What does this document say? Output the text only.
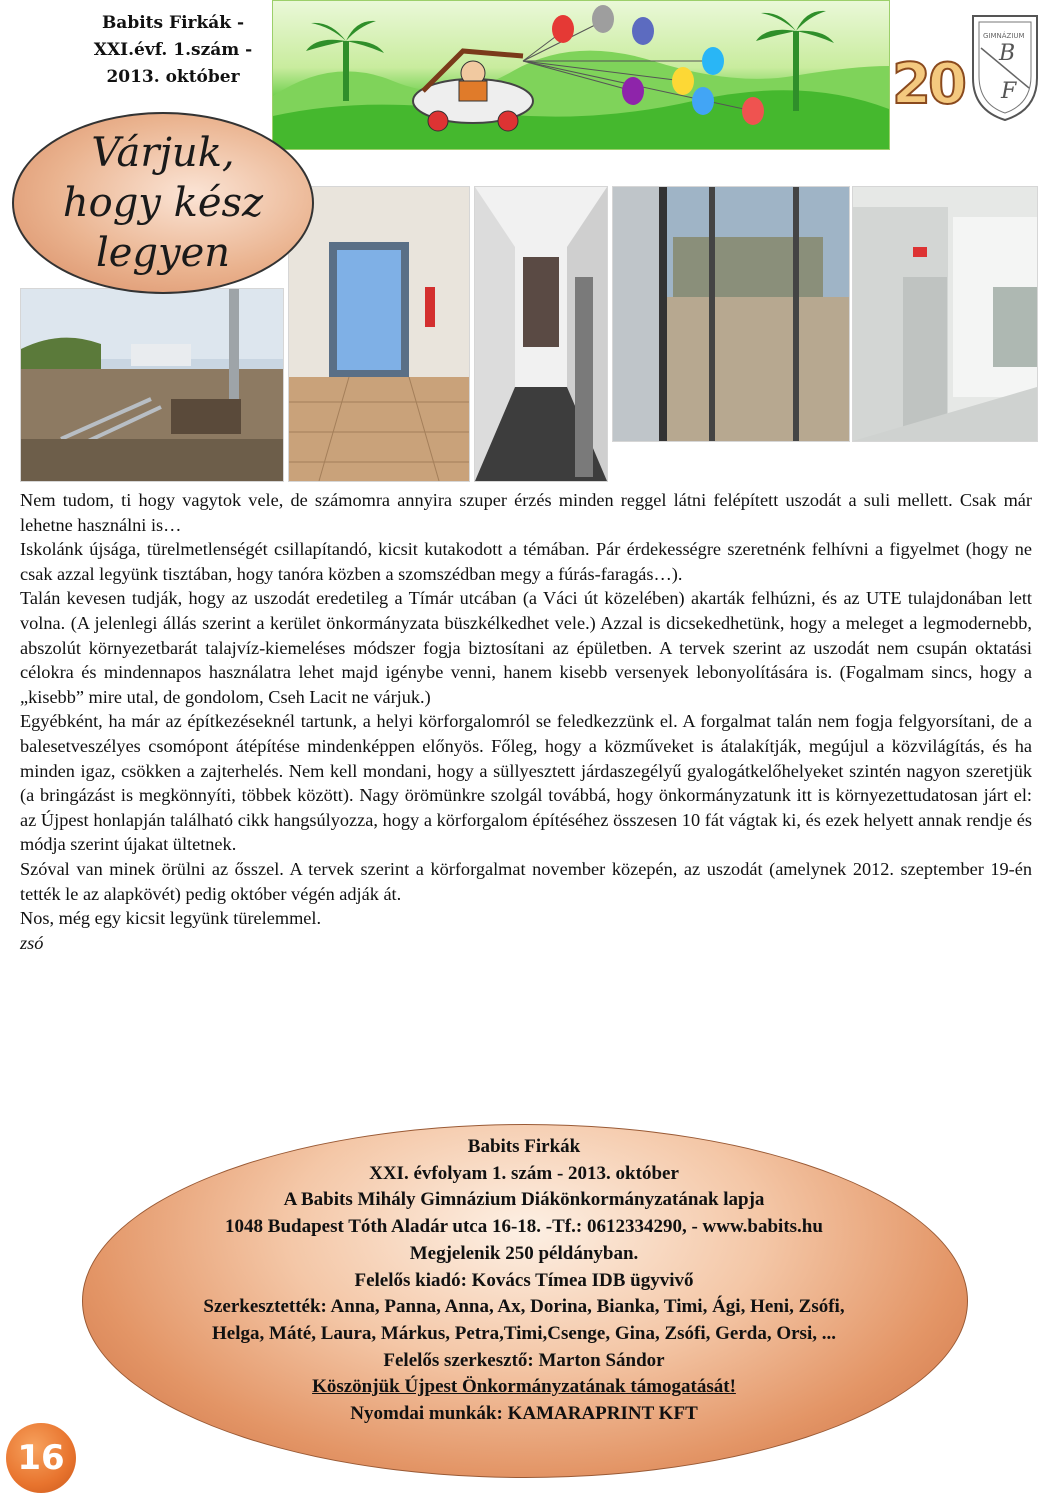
Babits Firkák -
XXI.évf. 1.szám -
2013. október	20 B
F
GIMNÁZIUM
Várjuk, hogy kész legyen

Nem tudom, ti hogy vagytok vele, de számomra annyira szuper érzés minden reggel látni felépített uszodát a suli mellett. Csak már lehetne használni is…

Iskolánk újsága, türelmetlenségét csillapítandó, kicsit kutakodott a témában. Pár érdekességre szeretnénk felhívni a figyelmet (hogy ne csak azzal legyünk tisztában, hogy tanóra közben a szomszédban megy a fúrás-faragás…).

Talán kevesen tudják, hogy az uszodát eredetileg a Tímár utcában (a Váci út közelében) akarták felhúzni, és az UTE tulajdonában lett volna. (A jelenlegi állás szerint a kerület önkormányzata büszkélkedhet vele.) Azzal is dicsekedhetünk, hogy a meleget a legmodernebb, abszolút környezetbarát talajvíz-kiemeléses módszer fogja biztosítani az épületben. A tervek szerint az uszodát nem csupán oktatási célokra és mindennapos használatra lehet majd igénybe venni, hanem kisebb versenyek lebonyolítására is. (Fogalmam sincs, hogy a „kisebb” mire utal, de gondolom, Cseh Lacit ne várjuk.)

Egyébként, ha már az építkezéseknél tartunk, a helyi körforgalomról se feledkezzünk el. A forgalmat talán nem fogja felgyorsítani, de a balesetveszélyes csomópont átépítése mindenképpen előnyös. Főleg, hogy a közműveket is átalakítják, megújul a közvilágítás, és ha minden igaz, csökken a zajterhelés. Nem kell mondani, hogy a süllyesztett járdaszegélyű gyalogátkelőhelyeket szintén nagyon szeretjük (a bringázást is megkönnyíti, többek között). Nagy örömünkre szolgál továbbá, hogy önkormányzatunk itt is környezettudatosan járt el: az Újpest honlapján található cikk hangsúlyozza, hogy a körforgalom építéséhez összesen 10 fát vágtak ki, és ezek helyett annak rendje és módja szerint újakat ültetnek.

Szóval van minek örülni az ősszel. A tervek szerint a körforgalmat november közepén, az uszodát (amelynek 2012. szeptember 19-én tették le az alapkövét) pedig október végén adják át.

Nos, még egy kicsit legyünk türelemmel.

zsó

Babits Firkák
XXI. évfolyam 1. szám - 2013. október
A Babits Mihály Gimnázium Diákönkormányzatának lapja
1048 Budapest Tóth Aladár utca 16-18. -Tf.: 0612334290, - www.babits.hu
Megjelenik 250 példányban.
Felelős kiadó: Kovács Tímea IDB ügyvivő
Szerkesztették: Anna, Panna, Anna, Ax, Dorina, Bianka, Timi, Ági, Heni, Zsófi,
Helga, Máté, Laura, Márkus, Petra,Timi,Csenge, Gina, Zsófi, Gerda, Orsi, ...
Felelős szerkesztő: Marton Sándor
Köszönjük Újpest Önkormányzatának támogatását!
Nyomdai munkák: KAMARAPRINT KFT
16
